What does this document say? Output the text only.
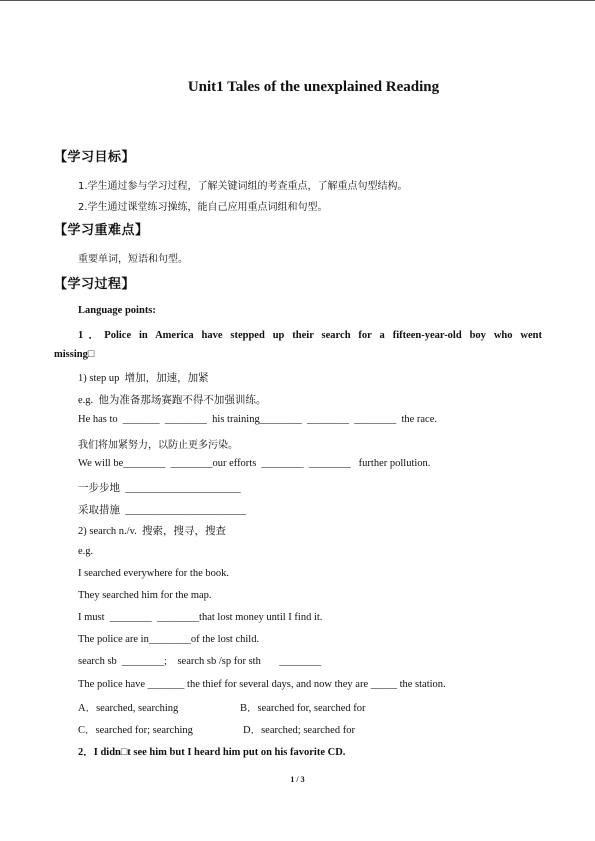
Unit1 Tales of the unexplained Reading
【学习目标】
1.学生通过参与学习过程，了解关键词组的考查重点，了解重点句型结构。
2.学生通过课堂练习操练，能自己应用重点词组和句型。
【学习重难点】
重要单词，短语和句型。
【学习过程】
Language points:
1．Police in America have stepped up their search for a fifteen-year-old boy who went
missing□
1) step up  增加，加速，加紧
e.g.  他为准备那场赛跑不得不加强训练。
He has to  _______  ________  his training________  ________  ________  the race.
我们将加紧努力，以防止更多污染。
We will be________  ________our efforts  ________  ________   further pollution.
一步步地  ______________________
采取措施  _______________________
2) search n./v.  搜索，搜寻，搜查
e.g.
I searched everywhere for the book.
They searched him for the map.
I must  ________  ________that lost money until I find it.
The police are in________of the lost child.
search sb  ________;    search sb /sp for sth       ________
The police have _______ the thief for several days, and now they are _____ the station.
A．searched, searching	B．searched for, searched for
C．searched for; searching	D．searched; searched for
2．I didn□t see him but I heard him put on his favorite CD.
1 / 3
